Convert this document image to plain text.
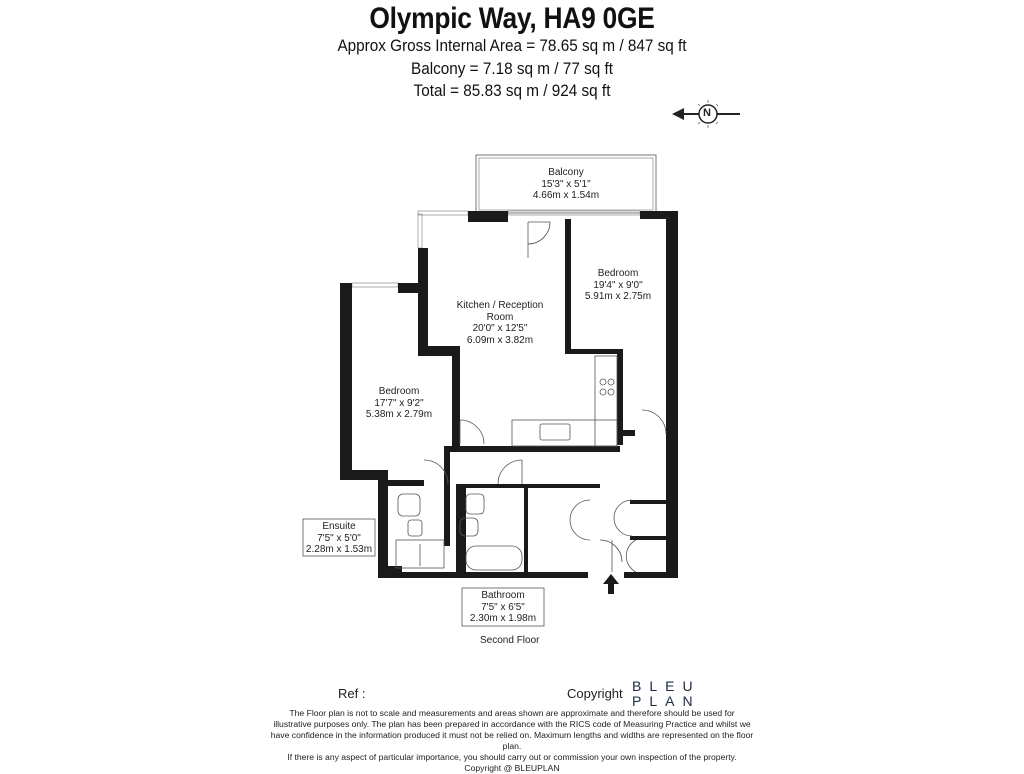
Olympic Way, HA9 0GE
Approx Gross Internal Area = 78.65 sq m / 847 sq ft
Balcony = 7.18 sq m / 77 sq ft
Total = 85.83 sq m / 924 sq ft
Balcony
15'3" x 5'1"
4.66m x 1.54m
Bedroom
19'4" x 9'0"
5.91m x 2.75m
Kitchen / Reception
Room
20'0" x 12'5"
6.09m x 3.82m
Bedroom
17'7" x 9'2"
5.38m x 2.79m
Ensuite
7'5" x 5'0"
2.28m x 1.53m
Bathroom
7'5" x 6'5"
2.30m x 1.98m
Second Floor
N
Ref :	Copyright BLEU
PLAN
The Floor plan is not to scale and measurements and areas shown are approximate and therefore should be used for
illustrative purposes only. The plan has been prepared in accordance with the RICS code of Measuring Practice and whilst we
have confidence in the information produced it must not be relied on. Maximum lengths and widths are represented on the floor plan.
If there is any aspect of particular importance, you should carry out or commission your own inspection of the property.
Copyright @ BLEUPLAN
